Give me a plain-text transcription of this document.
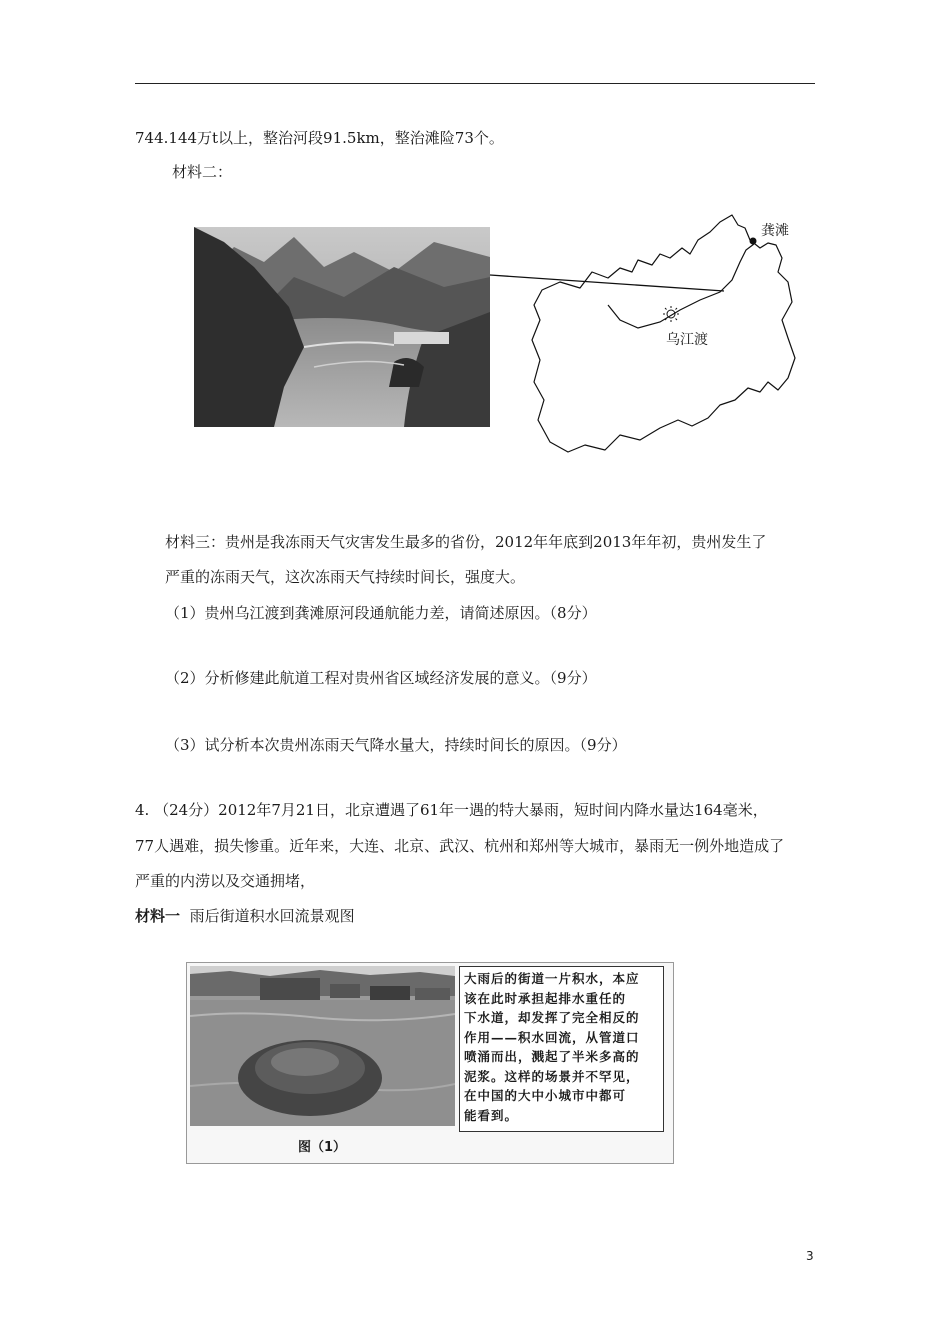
744.144万t以上，整治河段91.5km，整治滩险73个。
材料二：
龚滩
乌江渡
材料三：贵州是我冻雨天气灾害发生最多的省份，2012年年底到2013年年初，贵州发生了
严重的冻雨天气，这次冻雨天气持续时间长，强度大。
（1）贵州乌江渡到龚滩原河段通航能力差，请简述原因。（8分）
（2）分析修建此航道工程对贵州省区域经济发展的意义。（9分）
（3）试分析本次贵州冻雨天气降水量大，持续时间长的原因。（9分）
4. （24分）2012年7月21日，北京遭遇了61年一遇的特大暴雨，短时间内降水量达164毫米，
77人遇难，损失惨重。近年来，大连、北京、武汉、杭州和郑州等大城市，暴雨无一例外地造成了
严重的内涝以及交通拥堵，
材料一 雨后街道积水回流景观图
大雨后的街道一片积水，本应
该在此时承担起排水重任的
下水道，却发挥了完全相反的
作用——积水回流，从管道口
喷涌而出，溅起了半米多高的
泥浆。这样的场景并不罕见，
在中国的大中小城市中都可
能看到。
图（1）
3
